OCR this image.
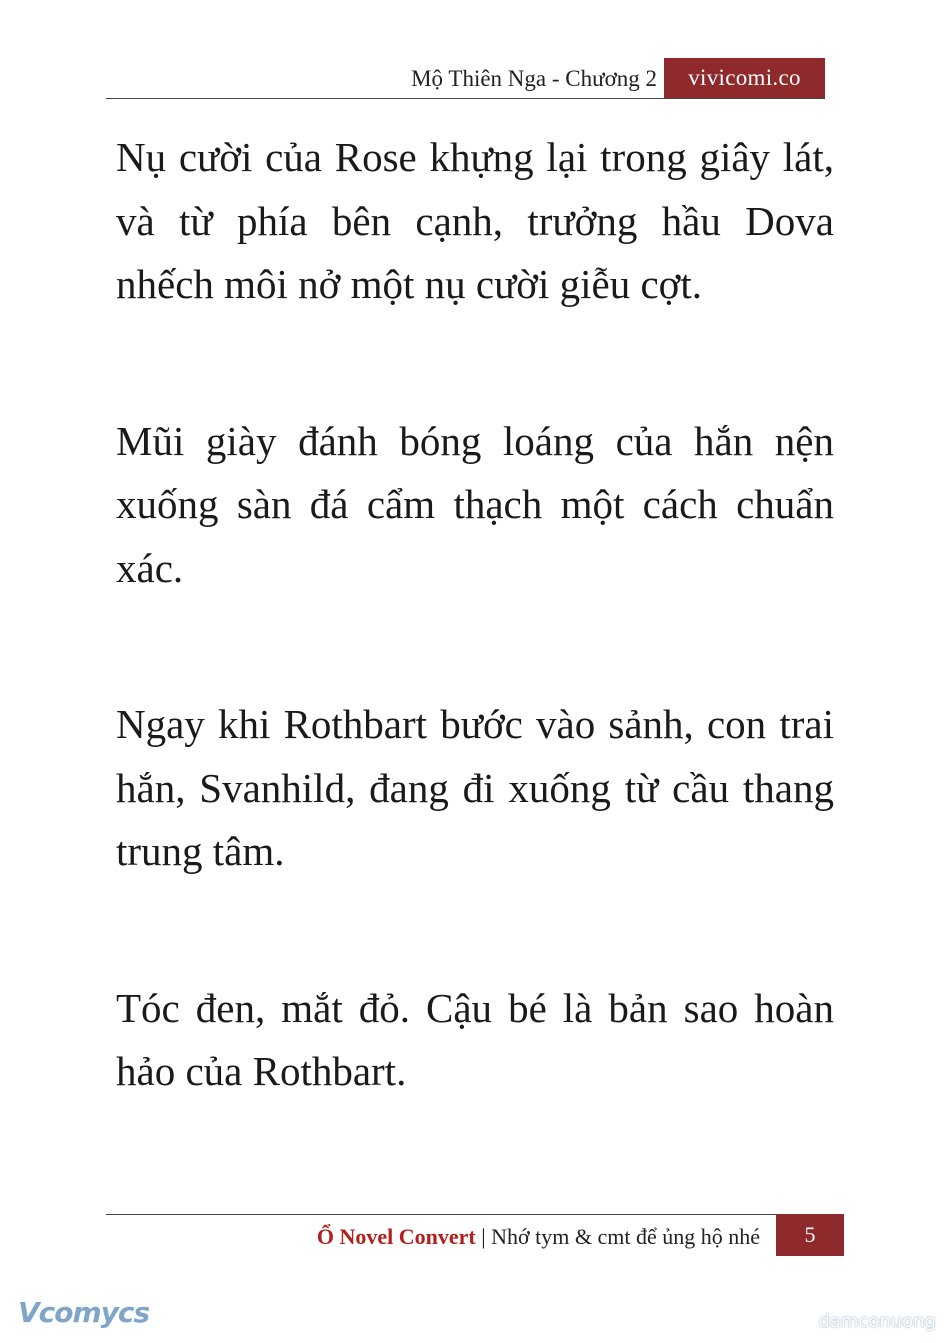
Mộ Thiên Nga - Chương 2	vivicomi.co

Nụ cười của Rose khựng lại trong giây lát, và từ phía bên cạnh, trưởng hầu Dova nhếch môi nở một nụ cười giễu cợt.

Mũi giày đánh bóng loáng của hắn nện xuống sàn đá cẩm thạch một cách chuẩn xác.

Ngay khi Rothbart bước vào sảnh, con trai hắn, Svanhild, đang đi xuống từ cầu thang trung tâm.

Tóc đen, mắt đỏ. Cậu bé là bản sao hoàn hảo của Rothbart.

Ổ Novel Convert | Nhớ tym & cmt để ủng hộ nhé	5
Vcomycs	damconuong
